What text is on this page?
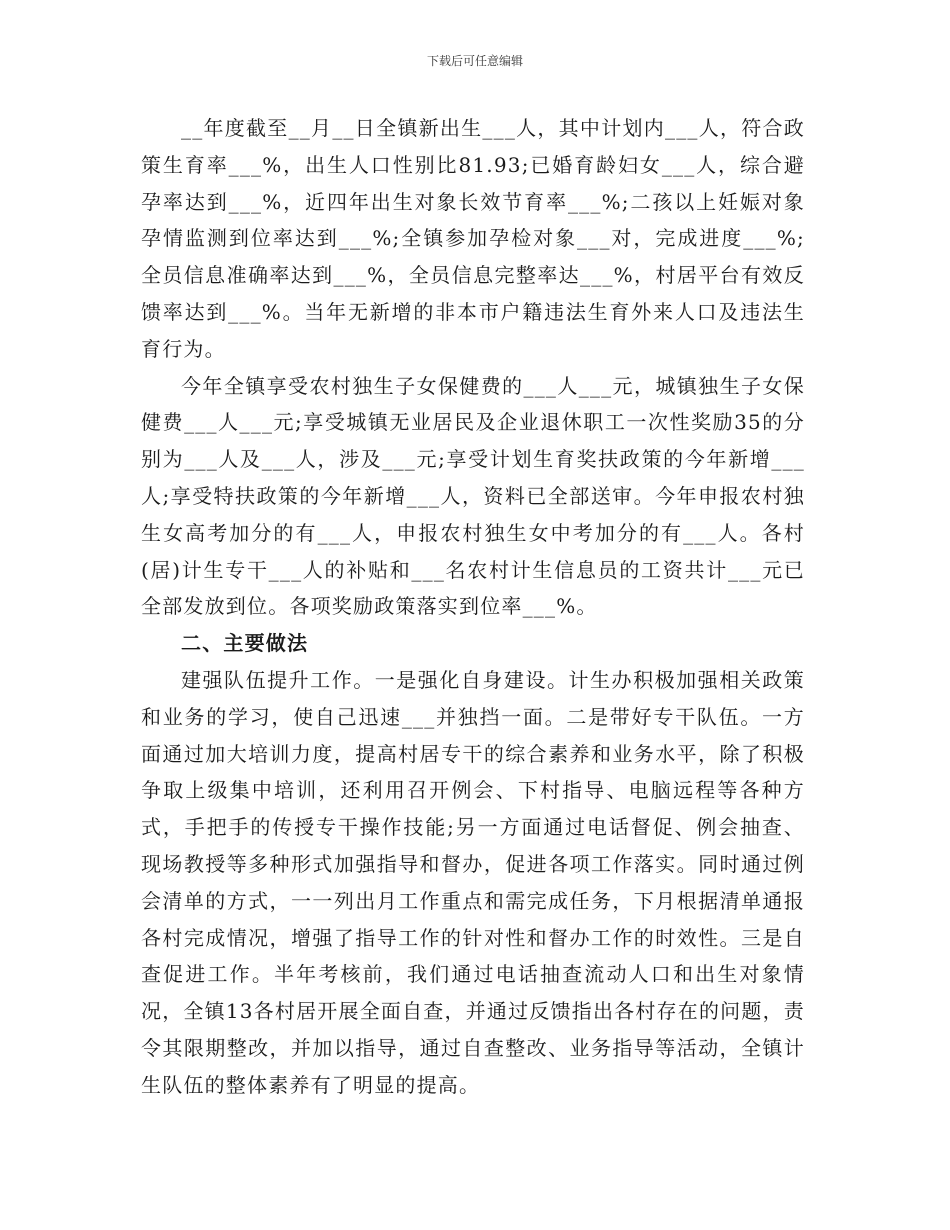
下载后可任意编辑

__年度截至__月__日全镇新出生___人，其中计划内___人，符合政策生育率___%，出生人口性别比81.93;已婚育龄妇女___人，综合避孕率达到___%，近四年出生对象长效节育率___%;二孩以上妊娠对象孕情监测到位率达到___%;全镇参加孕检对象___对，完成进度___%;全员信息准确率达到___%，全员信息完整率达___%，村居平台有效反馈率达到___%。当年无新增的非本市户籍违法生育外来人口及违法生育行为。

今年全镇享受农村独生子女保健费的___人___元，城镇独生子女保健费___人___元;享受城镇无业居民及企业退休职工一次性奖励35的分别为___人及___人，涉及___元;享受计划生育奖扶政策的今年新增___人;享受特扶政策的今年新增___人，资料已全部送审。今年申报农村独生女高考加分的有___人，申报农村独生女中考加分的有___人。各村(居)计生专干___人的补贴和___名农村计生信息员的工资共计___元已全部发放到位。各项奖励政策落实到位率___%。

二、主要做法

建强队伍提升工作。一是强化自身建设。计生办积极加强相关政策和业务的学习，使自己迅速___并独挡一面。二是带好专干队伍。一方面通过加大培训力度，提高村居专干的综合素养和业务水平，除了积极争取上级集中培训，还利用召开例会、下村指导、电脑远程等各种方式，手把手的传授专干操作技能;另一方面通过电话督促、例会抽查、现场教授等多种形式加强指导和督办，促进各项工作落实。同时通过例会清单的方式，一一列出月工作重点和需完成任务，下月根据清单通报各村完成情况，增强了指导工作的针对性和督办工作的时效性。三是自查促进工作。半年考核前，我们通过电话抽查流动人口和出生对象情况，全镇13各村居开展全面自查，并通过反馈指出各村存在的问题，责令其限期整改，并加以指导，通过自查整改、业务指导等活动，全镇计生队伍的整体素养有了明显的提高。
